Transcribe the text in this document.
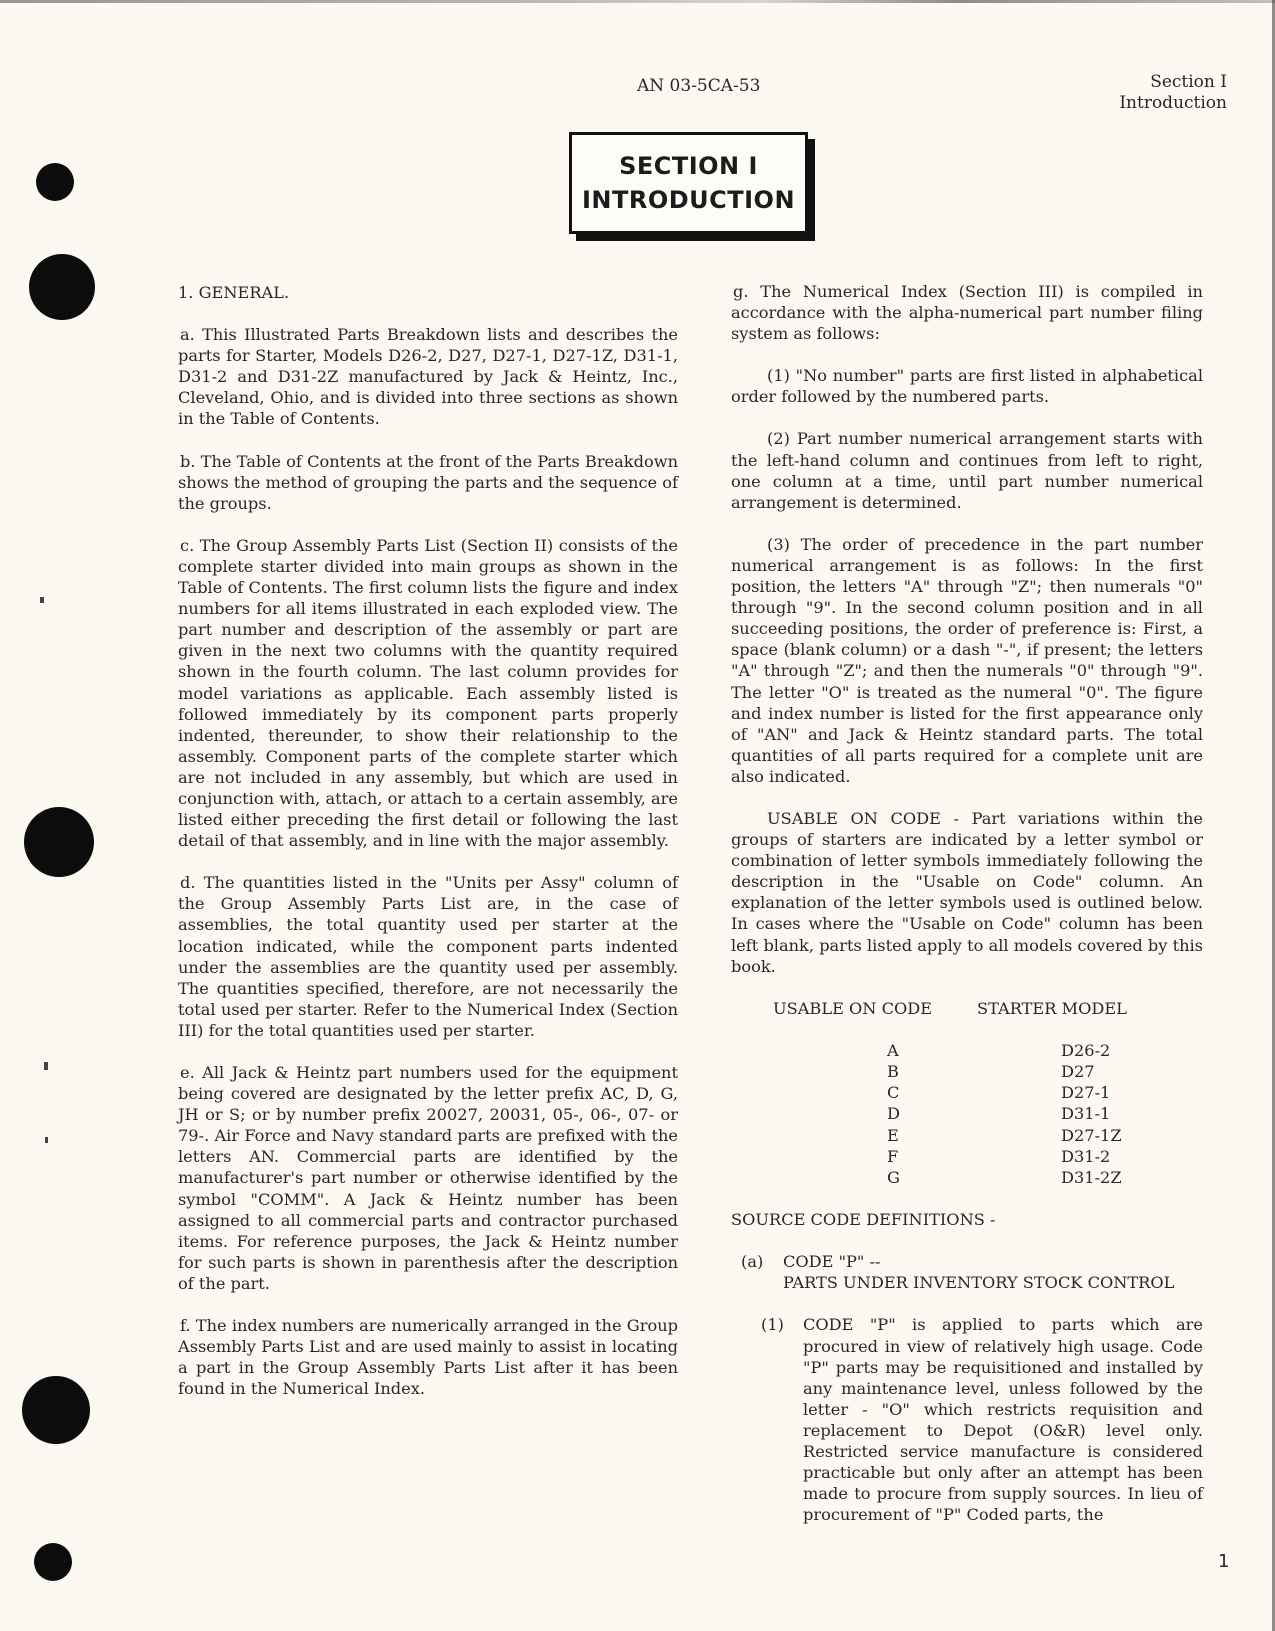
AN 03-5CA-53	Section I
Introduction
SECTION I
INTRODUCTION

1. GENERAL.

a. This Illustrated Parts Breakdown lists and describes the parts for Starter, Models D26-2, D27, D27-1, D27-1Z, D31-1, D31-2 and D31-2Z manufactured by Jack & Heintz, Inc., Cleveland, Ohio, and is divided into three sections as shown in the Table of Contents.

b. The Table of Contents at the front of the Parts Breakdown shows the method of grouping the parts and the sequence of the groups.

c. The Group Assembly Parts List (Section II) consists of the complete starter divided into main groups as shown in the Table of Contents. The first column lists the figure and index numbers for all items illustrated in each exploded view. The part number and description of the assembly or part are given in the next two columns with the quantity required shown in the fourth column. The last column provides for model variations as applicable. Each assembly listed is followed immediately by its component parts properly indented, thereunder, to show their relationship to the assembly. Component parts of the complete starter which are not included in any assembly, but which are used in conjunction with, attach, or attach to a certain assembly, are listed either preceding the first detail or following the last detail of that assembly, and in line with the major assembly.

d. The quantities listed in the "Units per Assy" column of the Group Assembly Parts List are, in the case of assemblies, the total quantity used per starter at the location indicated, while the component parts indented under the assemblies are the quantity used per assembly. The quantities specified, therefore, are not necessarily the total used per starter. Refer to the Numerical Index (Section III) for the total quantities used per starter.

e. All Jack & Heintz part numbers used for the equipment being covered are designated by the letter prefix AC, D, G, JH or S; or by number prefix 20027, 20031, 05-, 06-, 07- or 79-. Air Force and Navy standard parts are prefixed with the letters AN. Commercial parts are identified by the manufacturer's part number or otherwise identified by the symbol "COMM". A Jack & Heintz number has been assigned to all commercial parts and contractor purchased items. For reference purposes, the Jack & Heintz number for such parts is shown in parenthesis after the description of the part.

f. The index numbers are numerically arranged in the Group Assembly Parts List and are used mainly to assist in locating a part in the Group Assembly Parts List after it has been found in the Numerical Index.

g. The Numerical Index (Section III) is compiled in accordance with the alpha-numerical part number filing system as follows:

(1) "No number" parts are first listed in alphabetical order followed by the numbered parts.

(2) Part number numerical arrangement starts with the left-hand column and continues from left to right, one column at a time, until part number numerical arrangement is determined.

(3) The order of precedence in the part number numerical arrangement is as follows: In the first position, the letters "A" through "Z"; then numerals "0" through "9". In the second column position and in all succeeding positions, the order of preference is: First, a space (blank column) or a dash "-", if present; the letters "A" through "Z"; and then the numerals "0" through "9". The letter "O" is treated as the numeral "0". The figure and index number is listed for the first appearance only of "AN" and Jack & Heintz standard parts. The total quantities of all parts required for a complete unit are also indicated.

USABLE ON CODE - Part variations within the groups of starters are indicated by a letter symbol or combination of letter symbols immediately following the description in the "Usable on Code" column. An explanation of the letter symbols used is outlined below. In cases where the "Usable on Code" column has been left blank, parts listed apply to all models covered by this book.

USABLE ON CODE	STARTER MODEL
A	D26-2
B	D27
C	D27-1
D	D31-1
E	D27-1Z
F	D31-2
G	D31-2Z

SOURCE CODE DEFINITIONS -

(a)	CODE "P" --
PARTS UNDER INVENTORY STOCK CONTROL
(1)	CODE "P" is applied to parts which are procured in view of relatively high usage. Code "P" parts may be requisitioned and installed by any maintenance level, unless followed by the letter - "O" which restricts requisition and replacement to Depot (O&R) level only. Restricted service manufacture is considered practicable but only after an attempt has been made to procure from supply sources. In lieu of procurement of "P" Coded parts, the
1
